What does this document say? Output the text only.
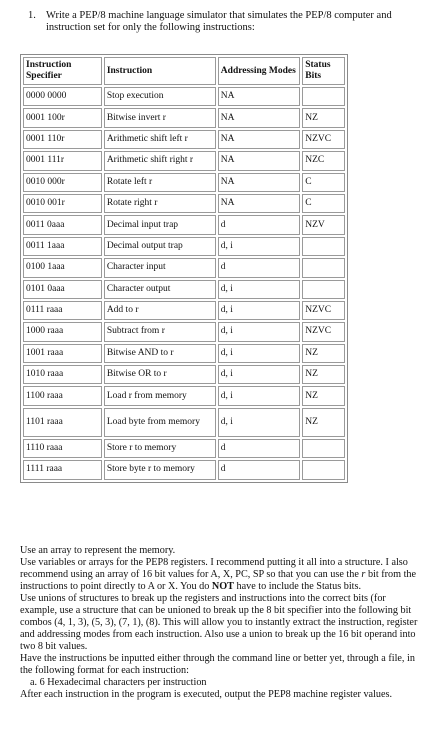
1. Write a PEP/8 machine language simulator that simulates the PEP/8 computer and instruction set for only the following instructions:
Instruction Specifier	Instruction	Addressing Modes	Status Bits
0000 0000	Stop execution	NA	
0001 100r	Bitwise invert r	NA	NZ
0001 110r	Arithmetic shift left r	NA	NZVC
0001 111r	Arithmetic shift right r	NA	NZC
0010 000r	Rotate left r	NA	C
0010 001r	Rotate right r	NA	C
0011 0aaa	Decimal input trap	d	NZV
0011 1aaa	Decimal output trap	d, i	
0100 1aaa	Character input	d	
0101 0aaa	Character output	d, i	
0111 raaa	Add to r	d, i	NZVC
1000 raaa	Subtract from r	d, i	NZVC
1001 raaa	Bitwise AND to r	d, i	NZ
1010 raaa	Bitwise OR to r	d, i	NZ
1100 raaa	Load r from memory	d, i	NZ
1101 raaa	Load byte from memory	d, i	NZ
1110 raaa	Store r to memory	d	
1111 raaa	Store byte r to memory	d	

Use an array to represent the memory.

Use variables or arrays for the PEP8 registers. I recommend putting it all into a structure. I also recommend using an array of 16 bit values for A, X, PC, SP so that you can use the r bit from the instructions to point directly to A or X. You do NOT have to include the Status bits.

Use unions of structures to break up the registers and instructions into the correct bits (for example, use a structure that can be unioned to break up the 8 bit specifier into the following bit combos (4, 1, 3), (5, 3), (7, 1), (8). This will allow you to instantly extract the instruction, register and addressing modes from each instruction. Also use a union to break up the 16 bit operand into two 8 bit values.

Have the instructions be inputted either through the command line or better yet, through a file, in the following format for each instruction:

a. 6 Hexadecimal characters per instruction

After each instruction in the program is executed, output the PEP8 machine register values.
